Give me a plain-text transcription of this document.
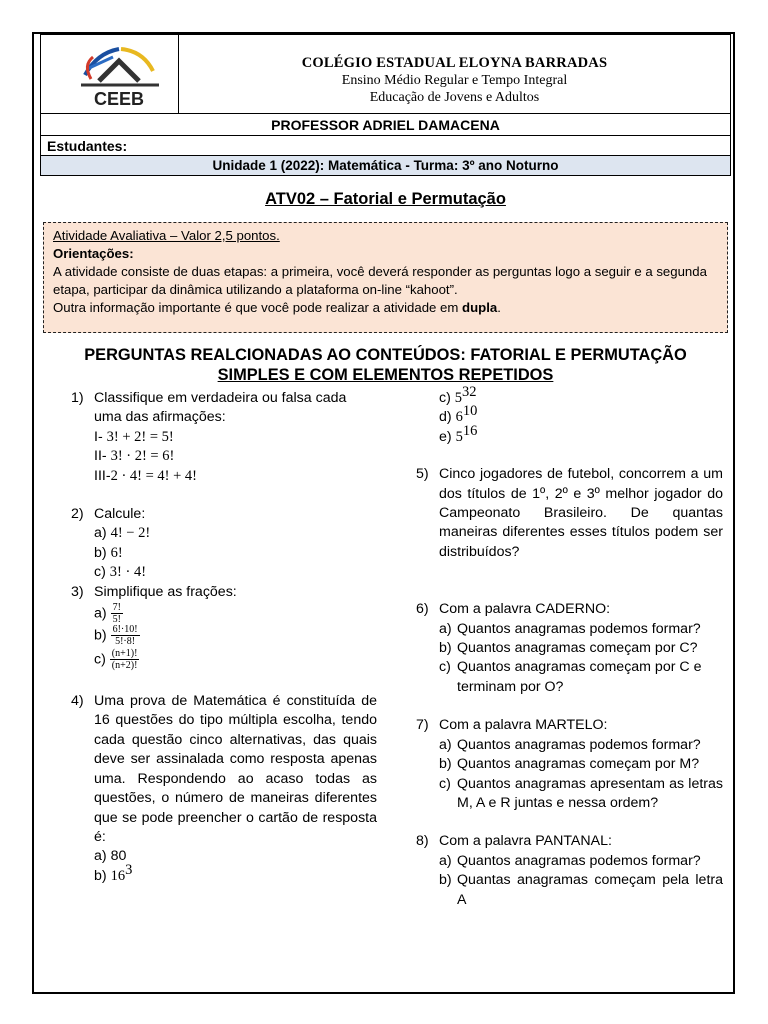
CEEB

COLÉGIO ESTADUAL ELOYNA BARRADAS
Ensino Médio Regular e Tempo Integral
Educação de Jovens e Adultos

PROFESSOR ADRIEL DAMACENA
Estudantes:
Unidade 1 (2022): Matemática - Turma: 3º ano Noturno
ATV02 – Fatorial e Permutação
Atividade Avaliativa – Valor 2,5 pontos.
Orientações:
A atividade consiste de duas etapas: a primeira, você deverá responder as perguntas logo a seguir e a segunda etapa, participar da dinâmica utilizando a plataforma on-line “kahoot”.
Outra informação importante é que você pode realizar a atividade em dupla.
PERGUNTAS REALCIONADAS AO CONTEÚDOS: FATORIAL E PERMUTAÇÃO
SIMPLES E COM ELEMENTOS REPETIDOS
1) Classifique em verdadeira ou falsa cada uma das afirmações:
I- 3! + 2! = 5!
II- 3! · 2! = 6!
III-2 · 4! = 4! + 4!
2) Calcule:
a) 4! − 2!
b) 6!
c) 3! · 4!
3) Simplifique as frações:
$a) \frac{7!}{5!}$
$b) \frac{6!\cdot 10!}{5!\cdot 8!}$
$c) \frac{(n+1)!}{(n+2)!}$
4) Uma prova de Matemática é constituída de 16 questões do tipo múltipla escolha, tendo cada questão cinco alternativas, das quais deve ser assinalada como resposta apenas uma. Respondendo ao acaso todas as questões, o número de maneiras diferentes que se pode preencher o cartão de resposta é:
a) 80
b) $16^3$
c) $5^{32}$
d) $6^{10}$
e) $5^{16}$
5) Cinco jogadores de futebol, concorrem a um dos títulos de 1º, 2º e 3º melhor jogador do Campeonato Brasileiro. De quantas maneiras diferentes esses títulos podem ser distribuídos?
6) Com a palavra CADERNO:
a) Quantos anagramas podemos formar?
b) Quantos anagramas começam por C?
c) Quantos anagramas começam por C e terminam por O?
7) Com a palavra MARTELO:
a) Quantos anagramas podemos formar?
b) Quantos anagramas começam por M?
c) Quantos anagramas apresentam as letras M, A e R juntas e nessa ordem?
8) Com a palavra PANTANAL:
a) Quantos anagramas podemos formar?
b) Quantas anagramas começam pela letra A
